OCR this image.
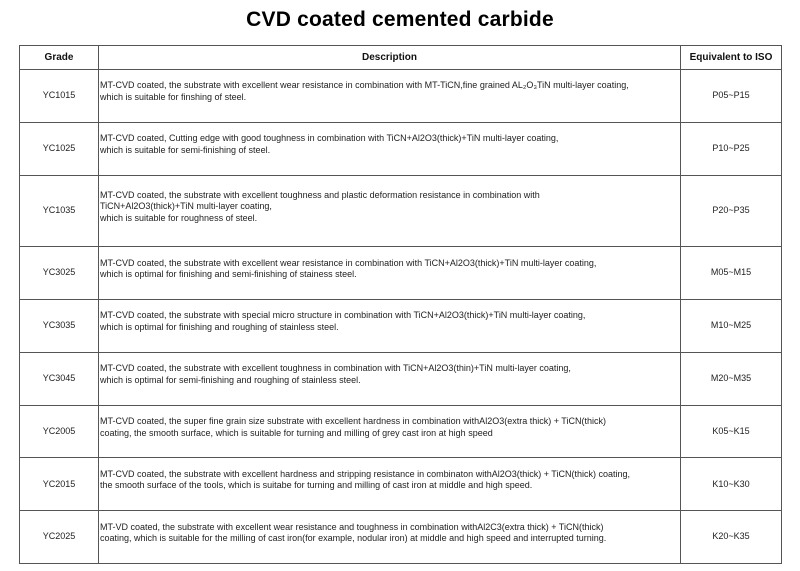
CVD coated cemented carbide
Grade	Description	Equivalent to ISO
YC1015	MT-CVD coated, the substrate with excellent wear resistance in combination with MT-TiCN,fine grained AL₂O₃TiN multi-layer coating,
which is suitable for finshing of steel.	P05~P15
YC1025	MT-CVD coated, Cutting edge with good toughness in combination with TiCN+Al2O3(thick)+TiN multi-layer coating,
which is suitable for semi-finishing of steel.	P10~P25
YC1035	MT-CVD coated, the substrate with excellent toughness and plastic deformation resistance in combination with
TiCN+Al2O3(thick)+TiN multi-layer coating,
which is suitable for roughness of steel.	P20~P35
YC3025	MT-CVD coated, the substrate with excellent wear resistance in combination with TiCN+Al2O3(thick)+TiN multi-layer coating,
which is optimal for finishing and semi-finishing of stainess steel.	M05~M15
YC3035	MT-CVD coated, the substrate with special micro structure in combination with TiCN+Al2O3(thick)+TiN multi-layer coating,
which is optimal for finishing and roughing of stainless steel.	M10~M25
YC3045	MT-CVD coated, the substrate with excellent toughness in combination with TiCN+Al2O3(thin)+TiN multi-layer coating,
which is optimal for semi-finishing and roughing of stainless steel.	M20~M35
YC2005	MT-CVD coated, the super fine grain size substrate with excellent hardness in combination withAl2O3(extra thick) + TiCN(thick)
coating, the smooth surface, which is suitable for turning and milling of grey cast iron at high speed	K05~K15
YC2015	MT-CVD coated, the substrate with excellent hardness and stripping resistance in combinaton withAl2O3(thick) + TiCN(thick) coating,
the smooth surface of the tools, which is suitabe for turning and milling of cast iron at middle and high speed.	K10~K30
YC2025	MT-VD coated, the substrate with excellent wear resistance and toughness in combination withAl2C3(extra thick) + TiCN(thick)
coating, which is suitable for the milling of cast iron(for example, nodular iron) at middle and high speed and interrupted turning.	K20~K35
